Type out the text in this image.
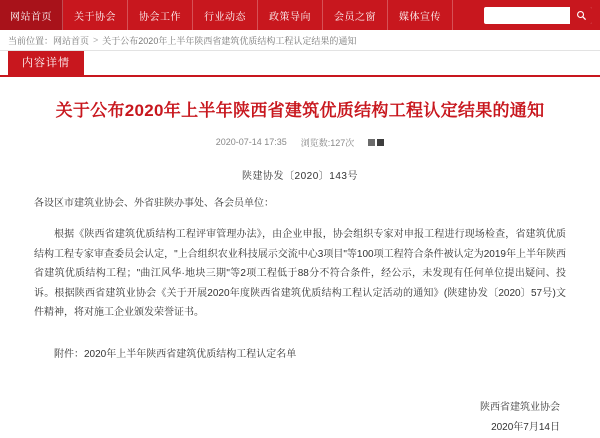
网站首页 关于协会 协会工作 行业动态 政策导向 会员之窗 媒体宣传
当前位置： 网站首页 > 关于公布2020年上半年陕西省建筑优质结构工程认定结果的通知
内容详情
关于公布2020年上半年陕西省建筑优质结构工程认定结果的通知
2020-07-14 17:35 浏览数:127次
陕建协发〔2020〕143号
各设区市建筑业协会、外省驻陕办事处、各会员单位：
根据《陕西省建筑优质结构工程评审管理办法》，由企业申报，协会组织专家对申报工程进行现场检查，省建筑优质结构工程专家审查委员会认定，"上合组织农业科技展示交流中心3项目"等100项工程符合条件被认定为2019年上半年陕西省建筑优质结构工程；"曲江风华·地块三期"等2项工程低于88分不符合条件，经公示，未发现有任何单位提出疑问、投诉。根据陕西省建筑业协会《关于开展2020年度陕西省建筑优质结构工程认定活动的通知》(陕建协发〔2020〕57号)文件精神，将对施工企业颁发荣誉证书。
附件：2020年上半年陕西省建筑优质结构工程认定名单
陕西省建筑业协会
2020年7月14日
